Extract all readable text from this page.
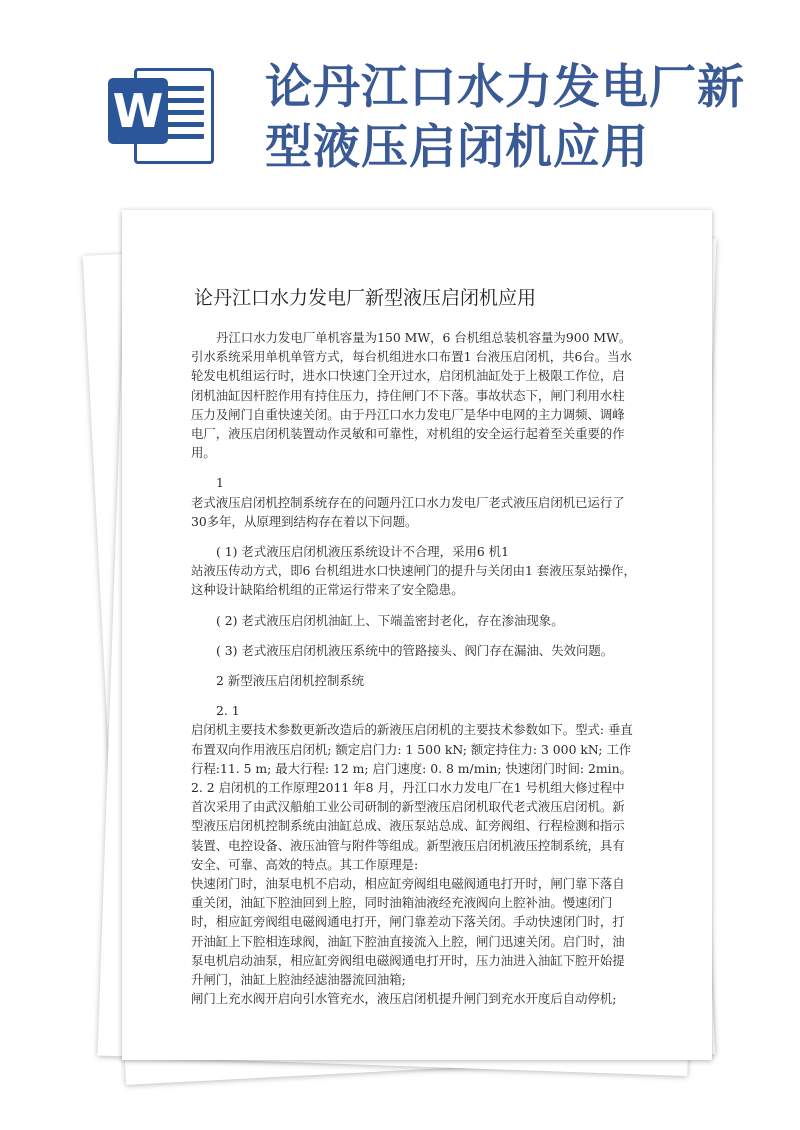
W 论丹江口水力发电厂新
型液压启闭机应用
论丹江口水力发电厂新型液压启闭机应用

丹江口水力发电厂单机容量为150 MW，6 台机组总装机容量为900 MW。引水系统采用单机单管方式，每台机组进水口布置1 台液压启闭机，共6台。当水轮发电机组运行时，进水口快速门全开过水，启闭机油缸处于上极限工作位，启闭机油缸因杆腔作用有持住压力，持住闸门不下落。事故状态下，闸门利用水柱压力及闸门自重快速关闭。由于丹江口水力发电厂是华中电网的主力调频、调峰电厂，液压启闭机装置动作灵敏和可靠性，对机组的安全运行起着至关重要的作用。

1

老式液压启闭机控制系统存在的问题丹江口水力发电厂老式液压启闭机已运行了30多年，从原理到结构存在着以下问题。

( 1) 老式液压启闭机液压系统设计不合理，采用6 机1

站液压传动方式，即6 台机组进水口快速闸门的提升与关闭由1 套液压泵站操作，这种设计缺陷给机组的正常运行带来了安全隐患。

( 2) 老式液压启闭机油缸上、下端盖密封老化，存在渗油现象。

( 3) 老式液压启闭机液压系统中的管路接头、阀门存在漏油、失效问题。

2 新型液压启闭机控制系统

2. 1

启闭机主要技术参数更新改造后的新液压启闭机的主要技术参数如下。型式: 垂直布置双向作用液压启闭机; 额定启门力: 1 500 kN; 额定持住力: 3 000 kN; 工作行程:11. 5 m; 最大行程: 12 m; 启门速度: 0. 8 m/min; 快速闭门时间: 2min。2. 2 启闭机的工作原理2011 年8 月，丹江口水力发电厂在1 号机组大修过程中首次采用了由武汉船舶工业公司研制的新型液压启闭机取代老式液压启闭机。新型液压启闭机控制系统由油缸总成、液压泵站总成、缸旁阀组、行程检测和指示装置、电控设备、液压油管与附件等组成。新型液压启闭机液压控制系统，具有安全、可靠、高效的特点。其工作原理是:

快速闭门时，油泵电机不启动，相应缸旁阀组电磁阀通电打开时，闸门靠下落自重关闭，油缸下腔油回到上腔，同时油箱油液经充液阀向上腔补油。慢速闭门时，相应缸旁阀组电磁阀通电打开，闸门靠差动下落关闭。手动快速闭门时，打开油缸上下腔相连球阀，油缸下腔油直接流入上腔，闸门迅速关闭。启门时，油泵电机启动油泵，相应缸旁阀组电磁阀通电打开时，压力油进入油缸下腔开始提升闸门，油缸上腔油经滤油器流回油箱;

闸门上充水阀开启向引水管充水，液压启闭机提升闸门到充水开度后自动停机;
